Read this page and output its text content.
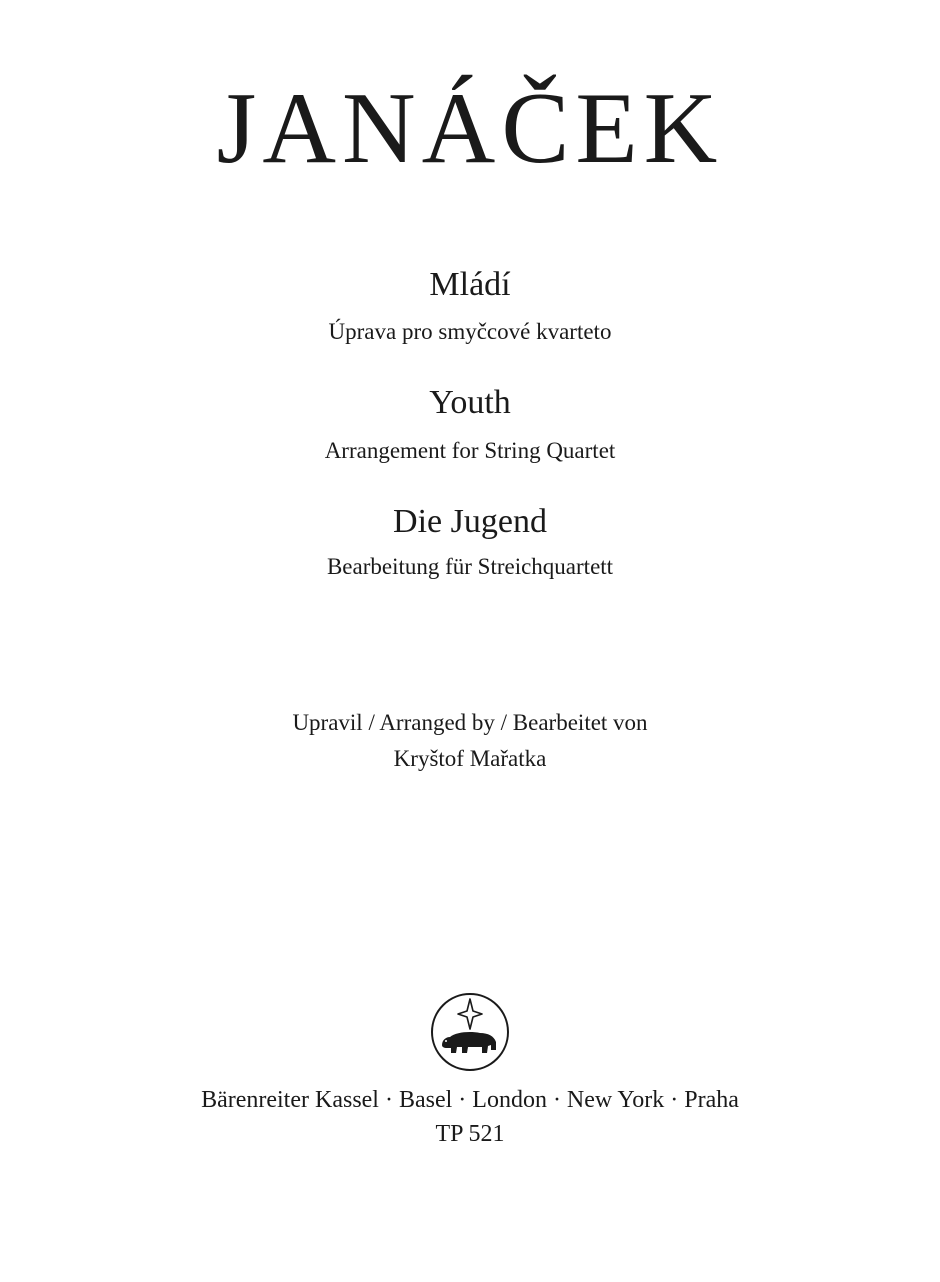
JANÁČEK
Mládí
Úprava pro smyčcové kvarteto
Youth
Arrangement for String Quartet
Die Jugend
Bearbeitung für Streichquartett
Upravil / Arranged by / Bearbeitet von
Kryštof Mařatka
Bärenreiter Kassel · Basel · London · New York · Praha
TP 521
